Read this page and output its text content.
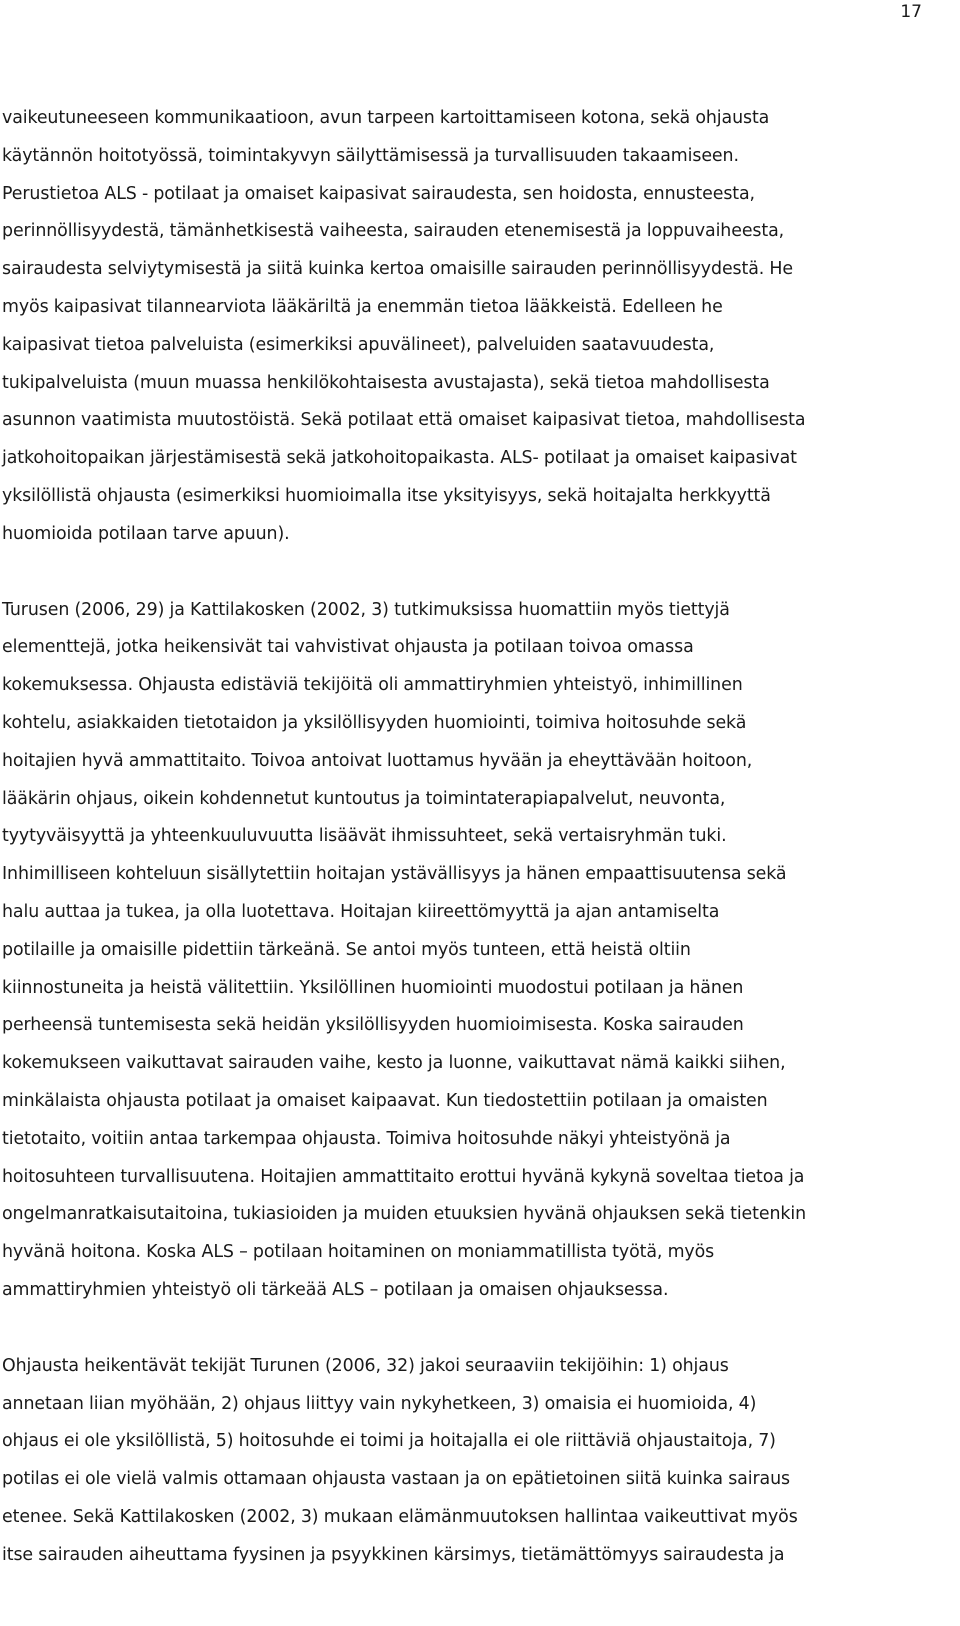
17

vaikeutuneeseen kommunikaatioon, avun tarpeen kartoittamiseen kotona, sekä ohjausta
käytännön hoitotyössä, toimintakyvyn säilyttämisessä ja turvallisuuden takaamiseen.
Perustietoa ALS - potilaat ja omaiset kaipasivat sairaudesta, sen hoidosta, ennusteesta,
perinnöllisyydestä, tämänhetkisestä vaiheesta, sairauden etenemisestä ja loppuvaiheesta,
sairaudesta selviytymisestä ja siitä kuinka kertoa omaisille sairauden perinnöllisyydestä. He
myös kaipasivat tilannearviota lääkäriltä ja enemmän tietoa lääkkeistä. Edelleen he
kaipasivat tietoa palveluista (esimerkiksi apuvälineet), palveluiden saatavuudesta,
tukipalveluista (muun muassa henkilökohtaisesta avustajasta), sekä tietoa mahdollisesta
asunnon vaatimista muutostöistä. Sekä potilaat että omaiset kaipasivat tietoa, mahdollisesta
jatkohoitopaikan järjestämisestä sekä jatkohoitopaikasta. ALS- potilaat ja omaiset kaipasivat
yksilöllistä ohjausta (esimerkiksi huomioimalla itse yksityisyys, sekä hoitajalta herkkyyttä
huomioida potilaan tarve apuun).

Turusen (2006, 29) ja Kattilakosken (2002, 3) tutkimuksissa huomattiin myös tiettyjä
elementtejä, jotka heikensivät tai vahvistivat ohjausta ja potilaan toivoa omassa
kokemuksessa. Ohjausta edistäviä tekijöitä oli ammattiryhmien yhteistyö, inhimillinen
kohtelu, asiakkaiden tietotaidon ja yksilöllisyyden huomiointi, toimiva hoitosuhde sekä
hoitajien hyvä ammattitaito. Toivoa antoivat luottamus hyvään ja eheyttävään hoitoon,
lääkärin ohjaus, oikein kohdennetut kuntoutus ja toimintaterapiapalvelut, neuvonta,
tyytyväisyyttä ja yhteenkuuluvuutta lisäävät ihmissuhteet, sekä vertaisryhmän tuki.
Inhimilliseen kohteluun sisällytettiin hoitajan ystävällisyys ja hänen empaattisuutensa sekä
halu auttaa ja tukea, ja olla luotettava. Hoitajan kiireettömyyttä ja ajan antamiselta
potilaille ja omaisille pidettiin tärkeänä. Se antoi myös tunteen, että heistä oltiin
kiinnostuneita ja heistä välitettiin. Yksilöllinen huomiointi muodostui potilaan ja hänen
perheensä tuntemisesta sekä heidän yksilöllisyyden huomioimisesta. Koska sairauden
kokemukseen vaikuttavat sairauden vaihe, kesto ja luonne, vaikuttavat nämä kaikki siihen,
minkälaista ohjausta potilaat ja omaiset kaipaavat. Kun tiedostettiin potilaan ja omaisten
tietotaito, voitiin antaa tarkempaa ohjausta. Toimiva hoitosuhde näkyi yhteistyönä ja
hoitosuhteen turvallisuutena. Hoitajien ammattitaito erottui hyvänä kykynä soveltaa tietoa ja
ongelmanratkaisutaitoina, tukiasioiden ja muiden etuuksien hyvänä ohjauksen sekä tietenkin
hyvänä hoitona. Koska ALS – potilaan hoitaminen on moniammatillista työtä, myös
ammattiryhmien yhteistyö oli tärkeää ALS – potilaan ja omaisen ohjauksessa.

Ohjausta heikentävät tekijät Turunen (2006, 32) jakoi seuraaviin tekijöihin: 1) ohjaus
annetaan liian myöhään, 2) ohjaus liittyy vain nykyhetkeen, 3) omaisia ei huomioida, 4)
ohjaus ei ole yksilöllistä, 5) hoitosuhde ei toimi ja hoitajalla ei ole riittäviä ohjaustaitoja, 7)
potilas ei ole vielä valmis ottamaan ohjausta vastaan ja on epätietoinen siitä kuinka sairaus
etenee. Sekä Kattilakosken (2002, 3) mukaan elämänmuutoksen hallintaa vaikeuttivat myös
itse sairauden aiheuttama fyysinen ja psyykkinen kärsimys, tietämättömyys sairaudesta ja
